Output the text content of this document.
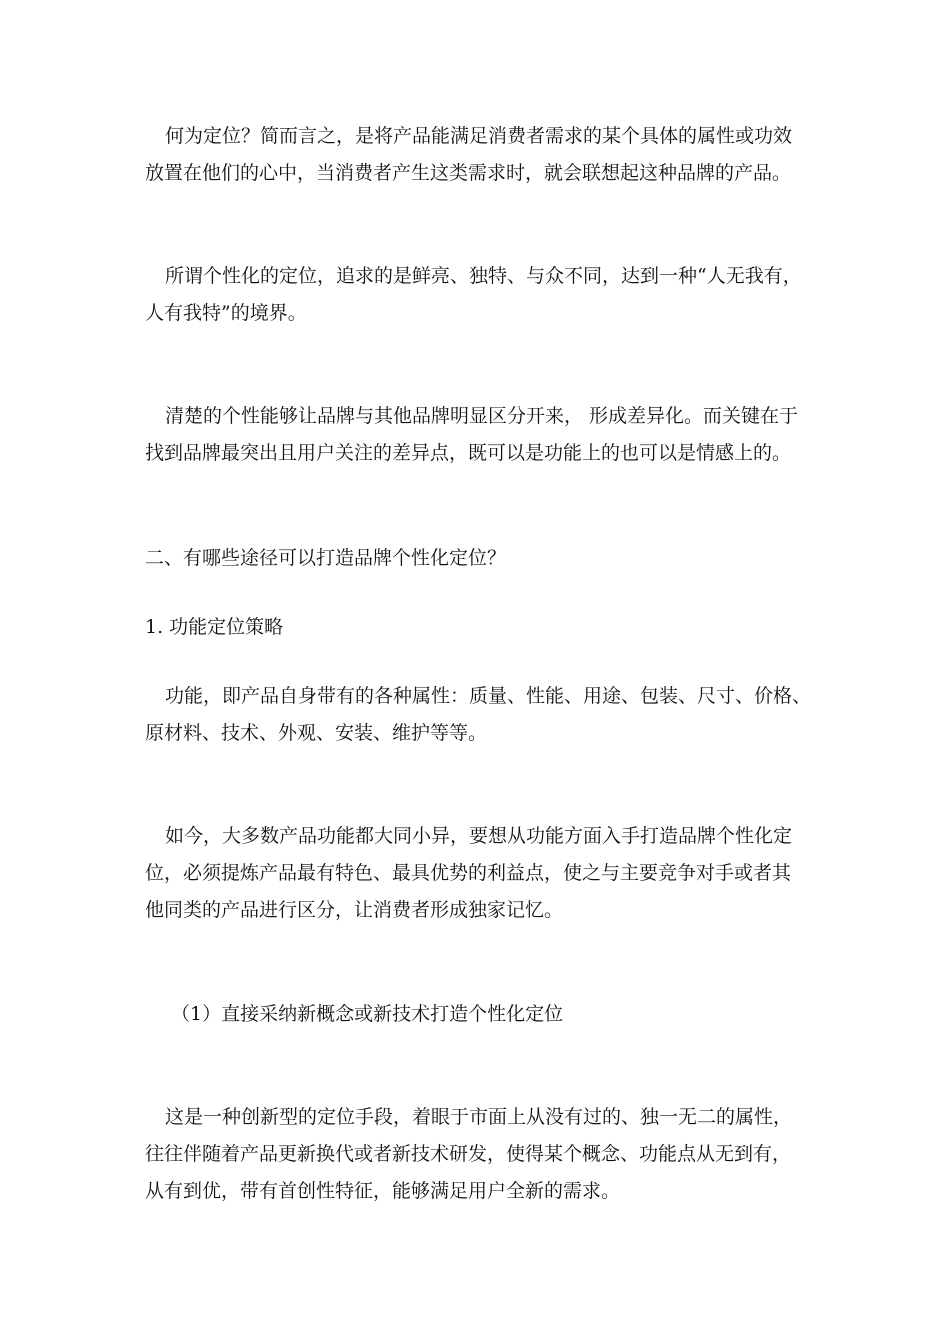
何为定位？简而言之，是将产品能满足消费者需求的某个具体的属性或功效
放置在他们的心中，当消费者产生这类需求时，就会联想起这种品牌的产品。
所谓个性化的定位，追求的是鲜亮、独特、与众不同，达到一种“人无我有，
人有我特”的境界。
清楚的个性能够让品牌与其他品牌明显区分开来， 形成差异化。而关键在于
找到品牌最突出且用户关注的差异点，既可以是功能上的也可以是情感上的。
二、有哪些途径可以打造品牌个性化定位？
1. 功能定位策略
功能，即产品自身带有的各种属性：质量、性能、用途、包装、尺寸、价格、
原材料、技术、外观、安装、维护等等。
如今，大多数产品功能都大同小异，要想从功能方面入手打造品牌个性化定
位，必须提炼产品最有特色、最具优势的利益点，使之与主要竞争对手或者其
他同类的产品进行区分，让消费者形成独家记忆。
（1）直接采纳新概念或新技术打造个性化定位
这是一种创新型的定位手段，着眼于市面上从没有过的、独一无二的属性，
往往伴随着产品更新换代或者新技术研发，使得某个概念、功能点从无到有，
从有到优，带有首创性特征，能够满足用户全新的需求。
